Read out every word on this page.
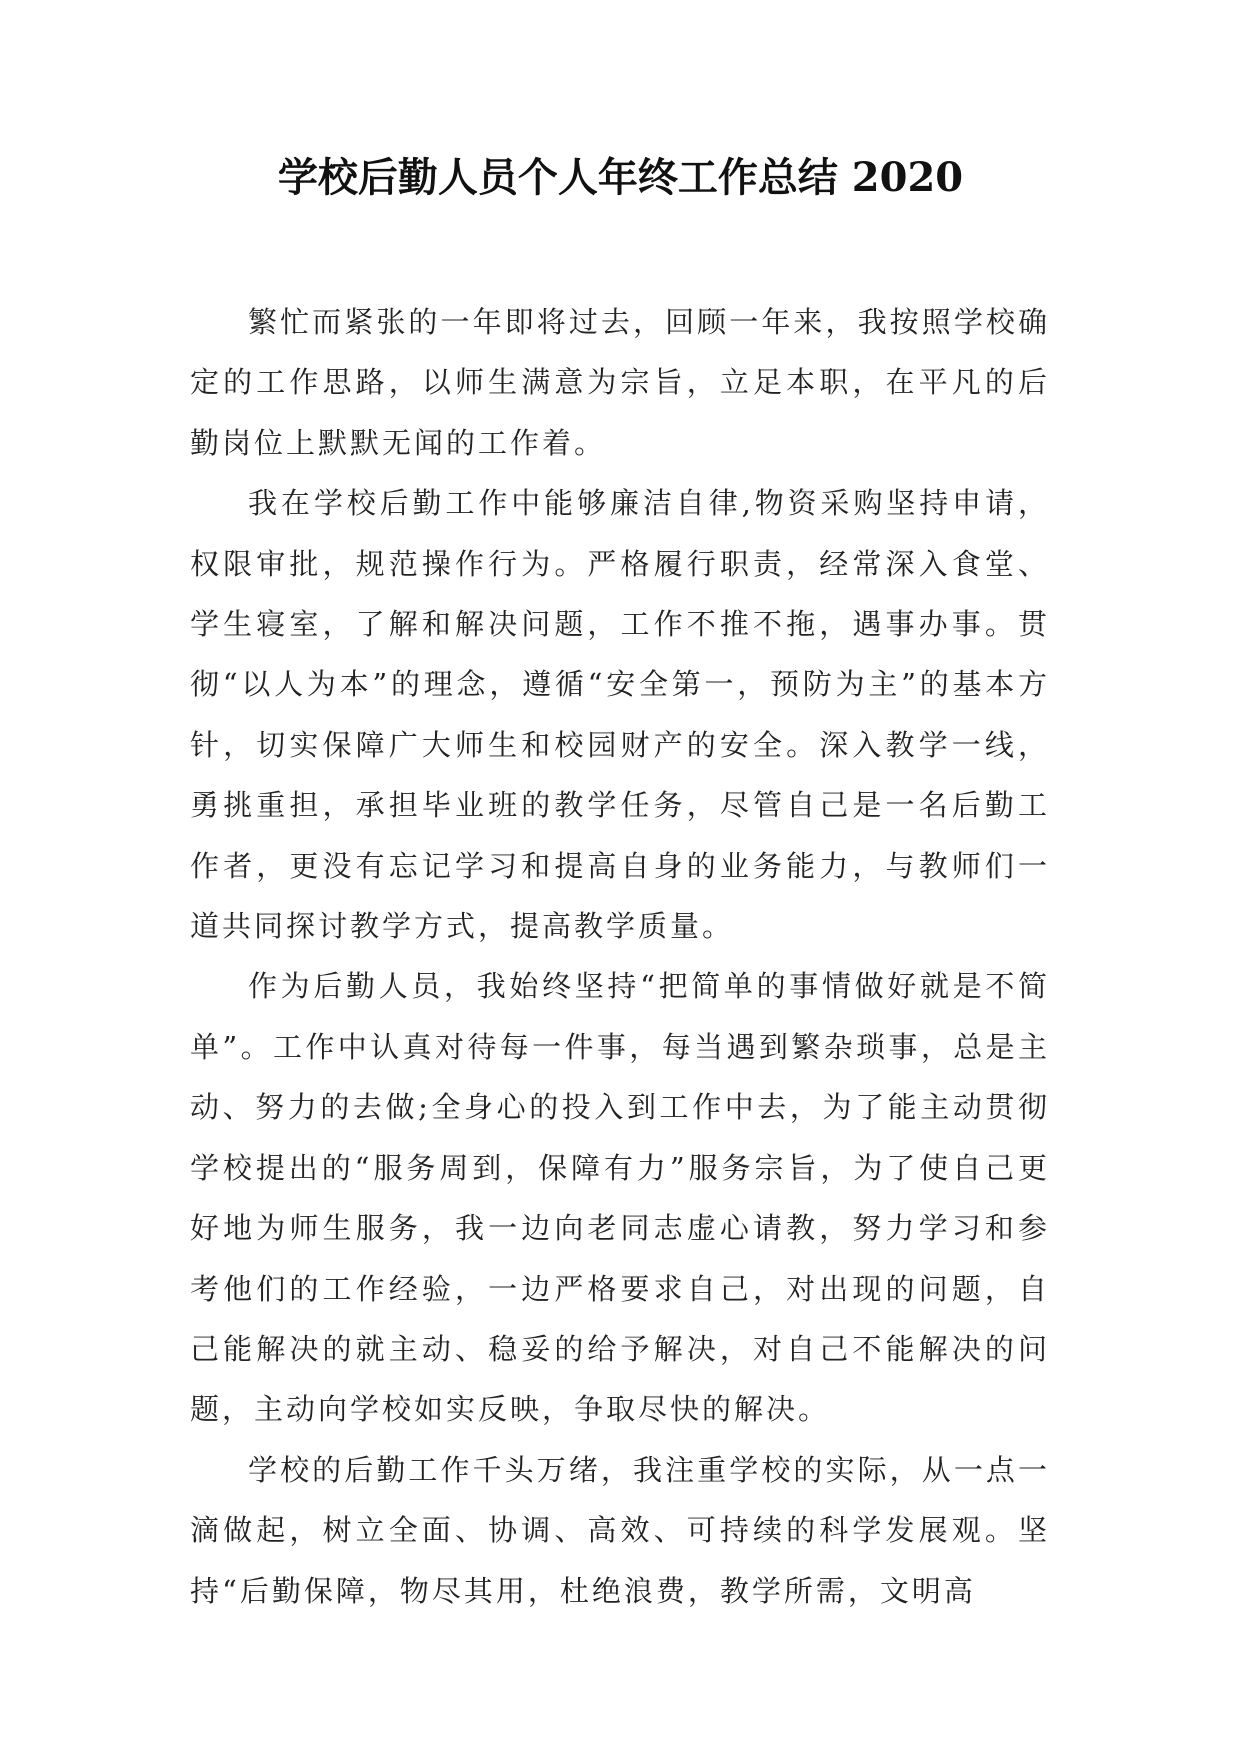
学校后勤人员个人年终工作总结 2020

繁忙而紧张的一年即将过去，回顾一年来，我按照学校确定的工作思路，以师生满意为宗旨，立足本职，在平凡的后勤岗位上默默无闻的工作着。

我在学校后勤工作中能够廉洁自律,物资采购坚持申请，权限审批，规范操作行为。严格履行职责，经常深入食堂、学生寝室，了解和解决问题，工作不推不拖，遇事办事。贯彻“以人为本”的理念，遵循“安全第一，预防为主”的基本方针，切实保障广大师生和校园财产的安全。深入教学一线，勇挑重担，承担毕业班的教学任务，尽管自己是一名后勤工作者，更没有忘记学习和提高自身的业务能力，与教师们一道共同探讨教学方式，提高教学质量。

作为后勤人员，我始终坚持“把简单的事情做好就是不简单”。工作中认真对待每一件事，每当遇到繁杂琐事，总是主动、努力的去做;全身心的投入到工作中去，为了能主动贯彻学校提出的“服务周到，保障有力”服务宗旨，为了使自己更好地为师生服务，我一边向老同志虚心请教，努力学习和参考他们的工作经验，一边严格要求自己，对出现的问题，自己能解决的就主动、稳妥的给予解决，对自己不能解决的问题，主动向学校如实反映，争取尽快的解决。

学校的后勤工作千头万绪，我注重学校的实际，从一点一滴做起，树立全面、协调、高效、可持续的科学发展观。坚持“后勤保障，物尽其用，杜绝浪费，教学所需，文明高
